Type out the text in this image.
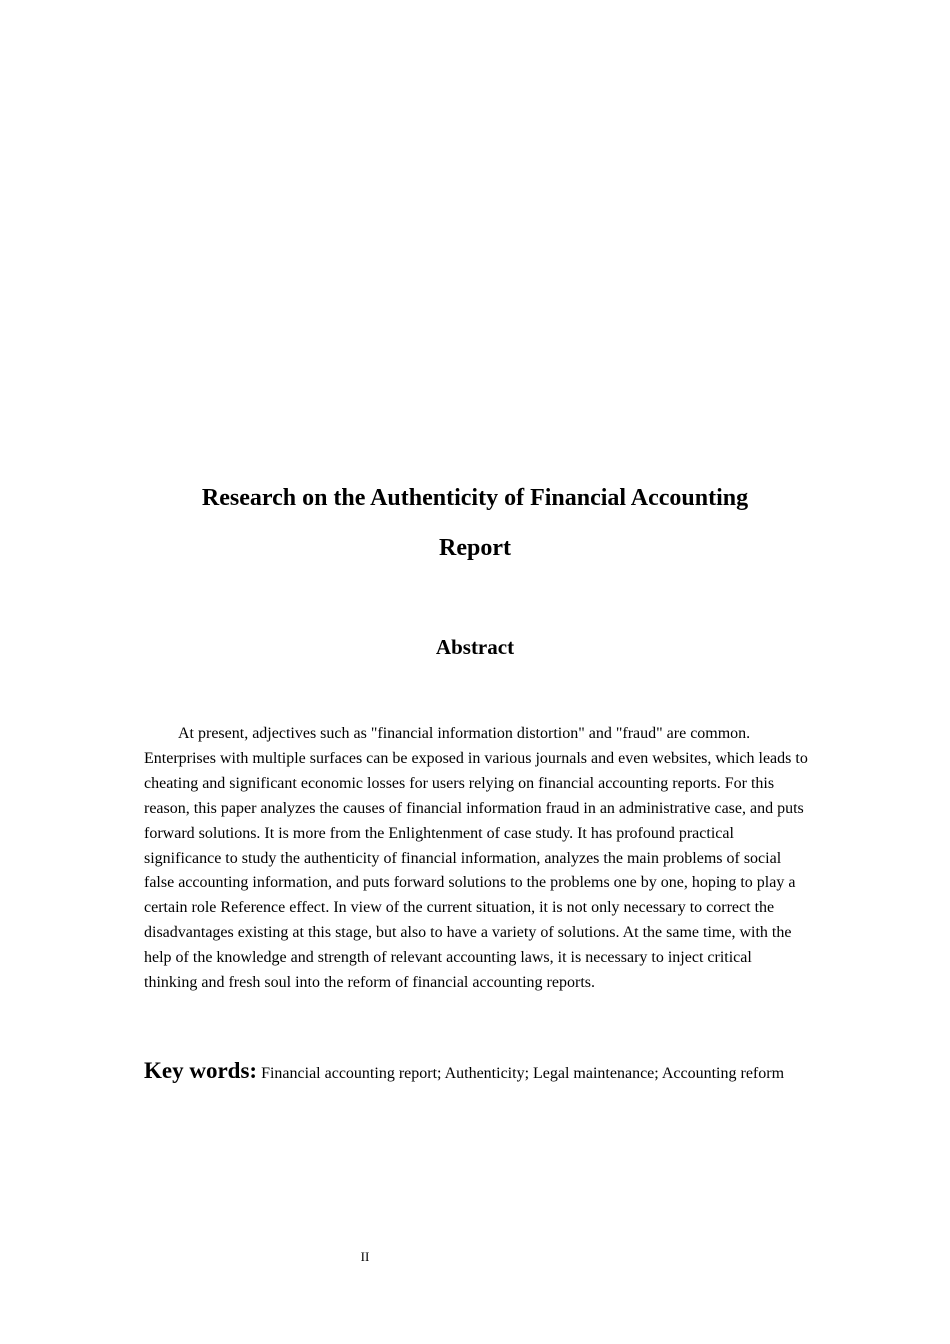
Research on the Authenticity of Financial Accounting
Report
Abstract

At present, adjectives such as "financial information distortion" and "fraud" are common. Enterprises with multiple surfaces can be exposed in various journals and even websites, which leads to cheating and significant economic losses for users relying on financial accounting reports. For this reason, this paper analyzes the causes of financial information fraud in an administrative case, and puts forward solutions. It is more from the Enlightenment of case study. It has profound practical significance to study the authenticity of financial information, analyzes the main problems of social false accounting information, and puts forward solutions to the problems one by one, hoping to play a certain role Reference effect. In view of the current situation, it is not only necessary to correct the disadvantages existing at this stage, but also to have a variety of solutions. At the same time, with the help of the knowledge and strength of relevant accounting laws, it is necessary to inject critical thinking and fresh soul into the reform of financial accounting reports.

Key words: Financial accounting report; Authenticity; Legal maintenance; Accounting reform

II
